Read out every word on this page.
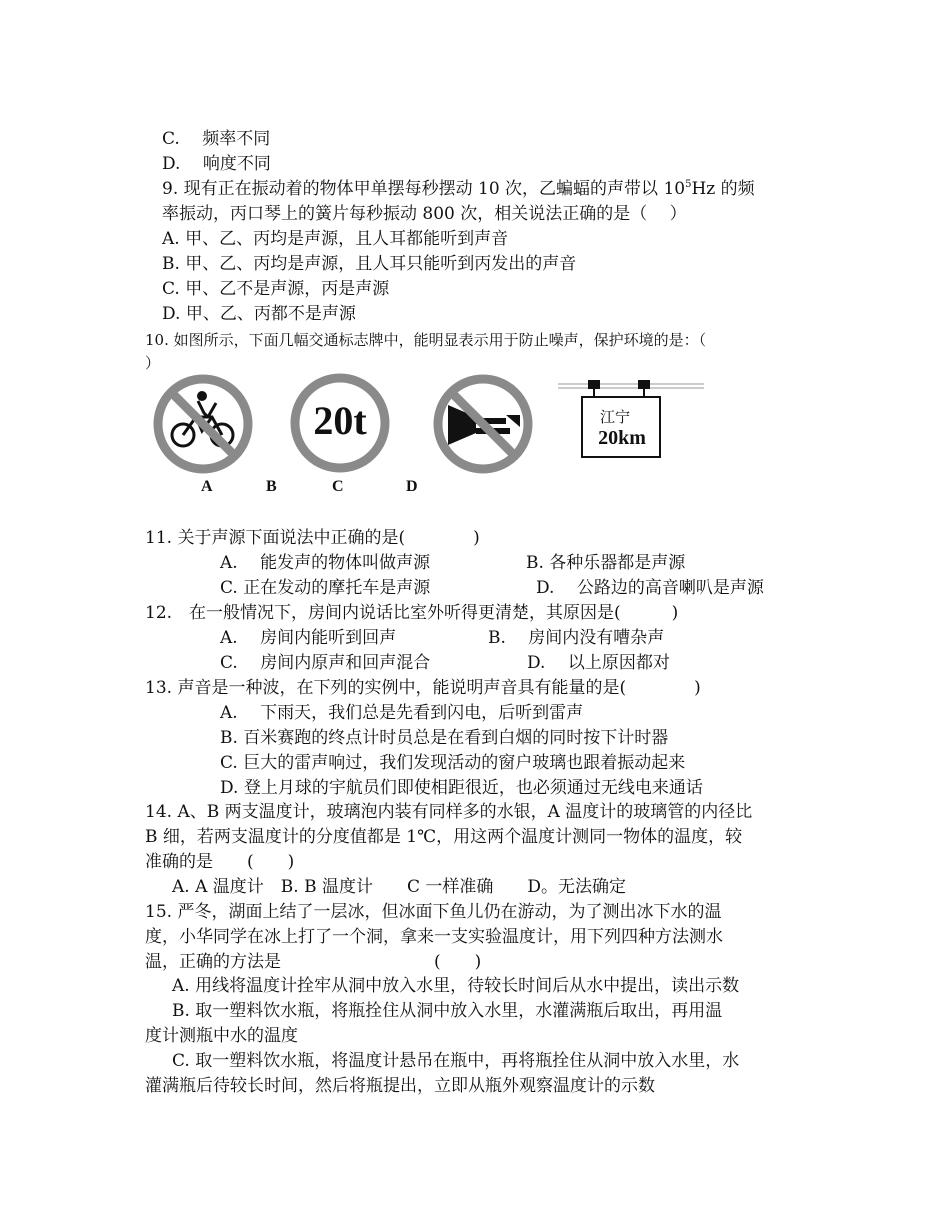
C.　 频率不同
D.　 响度不同
9. 现有正在振动着的物体甲单摆每秒摆动 10 次，乙蝙蝠的声带以 $10^5Hz$ 的频
率振动，丙口琴上的簧片每秒振动 800 次，相关说法正确的是（　 ）
A. 甲、乙、丙均是声源，且人耳都能听到声音
B. 甲、乙、丙均是声源，且人耳只能听到丙发出的声音
C. 甲、乙不是声源，丙是声源
D. 甲、乙、丙都不是声源
10. 如图所示，下面几幅交通标志牌中，能明显表示用于防止噪声，保护环境的是：（
）
20t	江宁
20km
A	B	C	D
11. 关于声源下面说法中正确的是(　　　　)
A.　 能发声的物体叫做声源	B. 各种乐器都是声源
C. 正在发动的摩托车是声源	D.　 公路边的高音喇叭是声源
12.　在一般情况下，房间内说话比室外听得更清楚，其原因是(　　　)
A.　 房间内能听到回声	B.　 房间内没有嘈杂声
C.　 房间内原声和回声混合	D.　 以上原因都对
13. 声音是一种波，在下列的实例中，能说明声音具有能量的是(　　　　)
A.　 下雨天，我们总是先看到闪电，后听到雷声
B. 百米赛跑的终点计时员总是在看到白烟的同时按下计时器
C. 巨大的雷声响过，我们发现活动的窗户玻璃也跟着振动起来
D. 登上月球的宇航员们即使相距很近，也必须通过无线电来通话
14. A、B 两支温度计，玻璃泡内装有同样多的水银，A 温度计的玻璃管的内径比
B 细，若两支温度计的分度值都是 1℃，用这两个温度计测同一物体的温度，较
准确的是　　(　　)
A. A 温度计　B. B 温度计　　C 一样准确　　D。无法确定
15. 严冬，湖面上结了一层冰，但冰面下鱼儿仍在游动，为了测出冰下水的温
度，小华同学在冰上打了一个洞，拿来一支实验温度计，用下列四种方法测水
温，正确的方法是　　　　　　　　　(　　)
A. 用线将温度计拴牢从洞中放入水里，待较长时间后从水中提出，读出示数
B. 取一塑料饮水瓶，将瓶拴住从洞中放入水里，水灌满瓶后取出，再用温
度计测瓶中水的温度
C. 取一塑料饮水瓶，将温度计悬吊在瓶中，再将瓶拴住从洞中放入水里，水
灌满瓶后待较长时间，然后将瓶提出，立即从瓶外观察温度计的示数
